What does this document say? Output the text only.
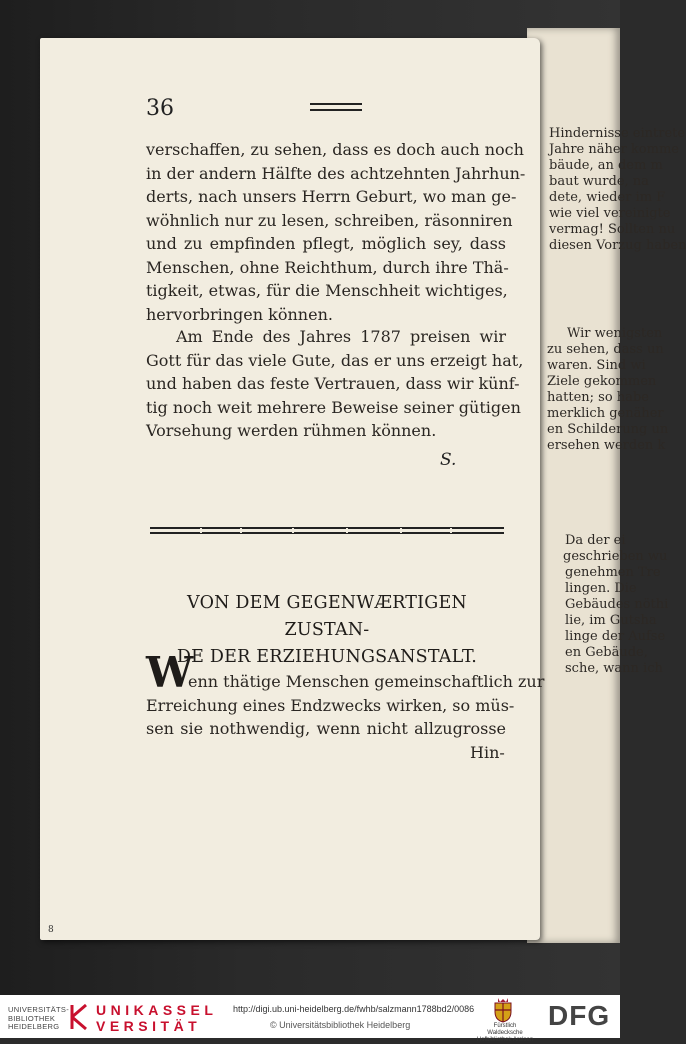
Hindernisse eintrete
Jahre näher komme
bäude, an dem m
baut wurde, na
dete, wieder im F
wie viel vereinigte
vermag! Sollten nu
diesen Vorzug haben
Wir wenigsten
zu sehen, dass un
waren. Sind wi
Ziele gekommen
hatten; so habe
merklich genäher
en Schilderung un
ersehen werden k
Da der ei
geschrieben wu
genehmen Tre
lingen. Die
Gebäudes nöthi
lie, im Gutsha
linge der Aufse
en Gebäude,
sche, wann ich
36
verschaffen, zu sehen, dass es doch auch noch
in der andern Hälfte des achtzehnten Jahrhun-
derts, nach unsers Herrn Geburt, wo man ge-
wöhnlich nur zu lesen, schreiben, räsonniren
und zu empfinden pflegt, möglich sey, dass
Menschen, ohne Reichthum, durch ihre Thä-
tigkeit, etwas, für die Menschheit wichtiges,
hervorbringen können.
Am Ende des Jahres 1787 preisen wir
Gott für das viele Gute, das er uns erzeigt hat,
und haben das feste Vertrauen, dass wir künf-
tig noch weit mehrere Beweise seiner gütigen
Vorsehung werden rühmen können.
S.
VON DEM GEGENWÆRTIGEN ZUSTAN-
DE DER ERZIEHUNGSANSTALT.
W
enn thätige Menschen gemeinschaftlich zur
Erreichung eines Endzwecks wirken, so müs-
sen sie nothwendig, wenn nicht allzugrosse
Hin-
8
UNIVERSITÄTS-
BIBLIOTHEK
HEIDELBERG
UNIKASSEL
VERSITÄT
http://digi.ub.uni-heidelberg.de/fwhb/salzmann1788bd2/0086
© Universitätsbibliothek Heidelberg	Fürstlich Waldecksche
Hofbibliothek Arolsen
DFG
